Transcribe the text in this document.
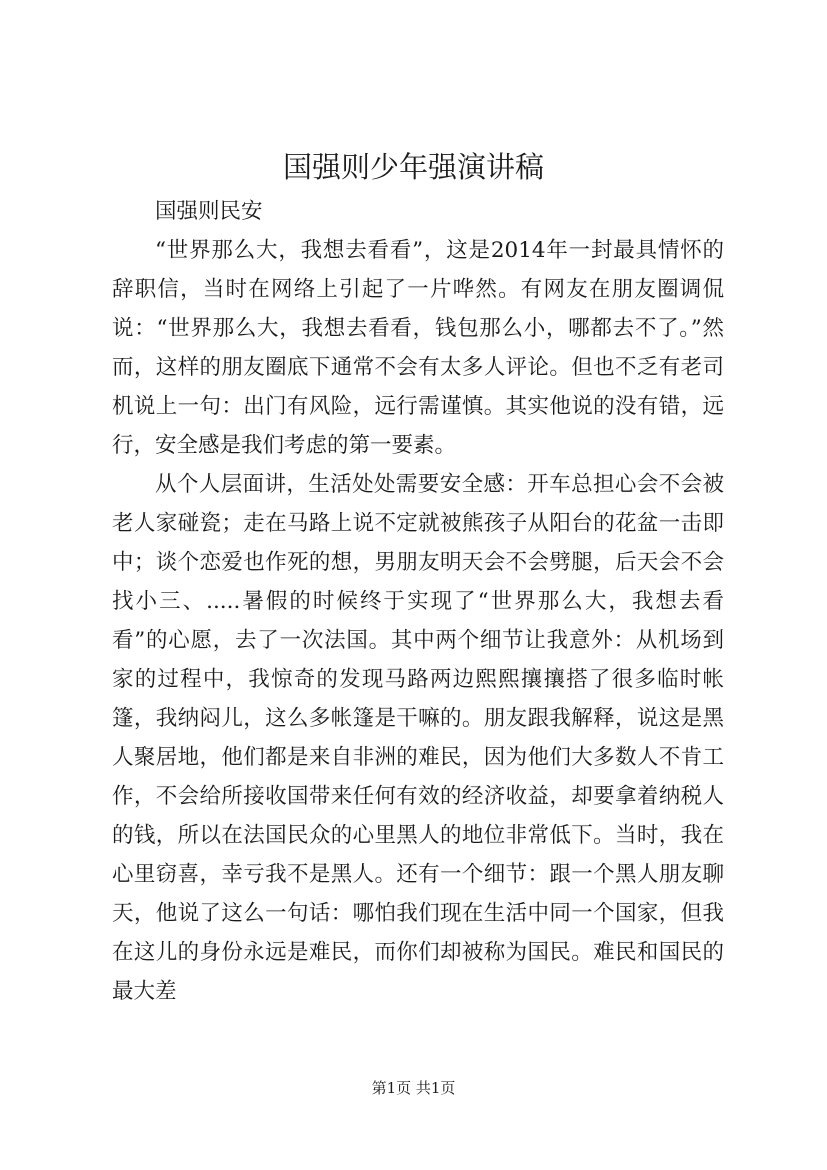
国强则少年强演讲稿

国强则民安

“世界那么大，我想去看看”，这是2014年一封最具情怀的辞职信，当时在网络上引起了一片哗然。有网友在朋友圈调侃说：“世界那么大，我想去看看，钱包那么小，哪都去不了。”然而，这样的朋友圈底下通常不会有太多人评论。但也不乏有老司机说上一句：出门有风险，远行需谨慎。其实他说的没有错，远行，安全感是我们考虑的第一要素。

从个人层面讲，生活处处需要安全感：开车总担心会不会被老人家碰瓷；走在马路上说不定就被熊孩子从阳台的花盆一击即中；谈个恋爱也作死的想，男朋友明天会不会劈腿，后天会不会找小三、.....暑假的时候终于实现了“世界那么大，我想去看看”的心愿，去了一次法国。其中两个细节让我意外：从机场到家的过程中，我惊奇的发现马路两边熙熙攘攘搭了很多临时帐篷，我纳闷儿，这么多帐篷是干嘛的。朋友跟我解释，说这是黑人聚居地，他们都是来自非洲的难民，因为他们大多数人不肯工作，不会给所接收国带来任何有效的经济收益，却要拿着纳税人的钱，所以在法国民众的心里黑人的地位非常低下。当时，我在心里窃喜，幸亏我不是黑人。还有一个细节：跟一个黑人朋友聊天，他说了这么一句话：哪怕我们现在生活中同一个国家，但我在这儿的身份永远是难民，而你们却被称为国民。难民和国民的最大差

第1页 共1页
